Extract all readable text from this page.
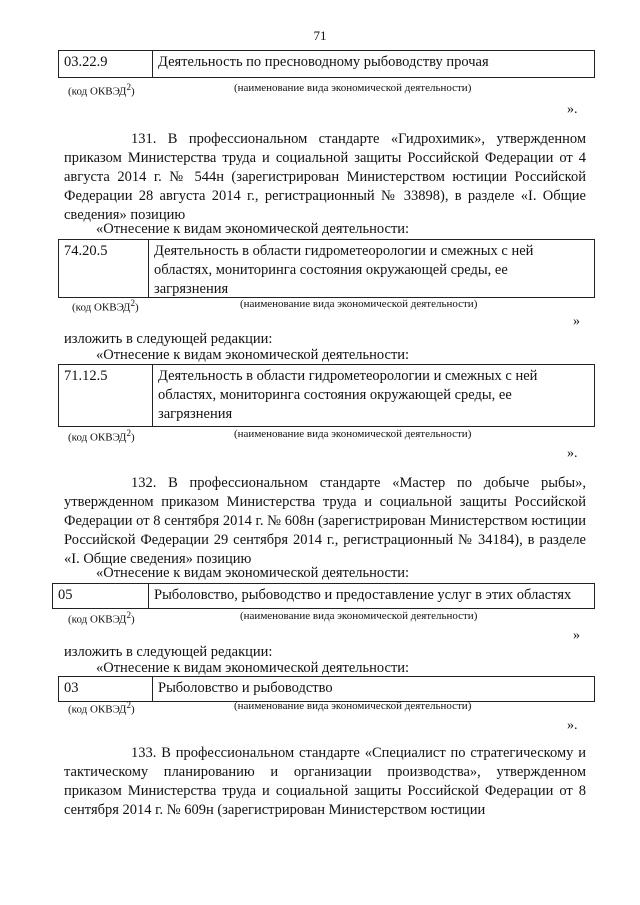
71
03.22.9	Деятельность по пресноводному рыбоводству прочая
(код ОКВЭД$^2$)	(наименование вида экономической деятельности)
».
131. В профессиональном стандарте «Гидрохимик», утвержденном приказом Министерства труда и социальной защиты Российской Федерации от 4 августа 2014 г. № 544н (зарегистрирован Министерством юстиции Российской Федерации 28 августа 2014 г., регистрационный № 33898), в разделе «I. Общие сведения» позицию
«Отнесение к видам экономической деятельности:
74.20.5	Деятельность в области гидрометеорологии и смежных с ней
областях, мониторинга состояния окружающей среды, ее
загрязнения
(код ОКВЭД$^2$)	(наименование вида экономической деятельности)
»
изложить в следующей редакции:
«Отнесение к видам экономической деятельности:
71.12.5	Деятельность в области гидрометеорологии и смежных с ней
областях, мониторинга состояния окружающей среды, ее
загрязнения
(код ОКВЭД$^2$)	(наименование вида экономической деятельности)
».
132. В профессиональном стандарте «Мастер по добыче рыбы», утвержденном приказом Министерства труда и социальной защиты Российской Федерации от 8 сентября 2014 г. № 608н (зарегистрирован Министерством юстиции Российской Федерации 29 сентября 2014 г., регистрационный № 34184), в разделе «I. Общие сведения» позицию
«Отнесение к видам экономической деятельности:
05	Рыболовство, рыбоводство и предоставление услуг в этих областях
(код ОКВЭД$^2$)	(наименование вида экономической деятельности)
»
изложить в следующей редакции:
«Отнесение к видам экономической деятельности:
03	Рыболовство и рыбоводство
(код ОКВЭД$^2$)	(наименование вида экономической деятельности)
».
133. В профессиональном стандарте «Специалист по стратегическому и тактическому планированию и организации производства», утвержденном приказом Министерства труда и социальной защиты Российской Федерации от 8 сентября 2014 г. № 609н (зарегистрирован Министерством юстиции
